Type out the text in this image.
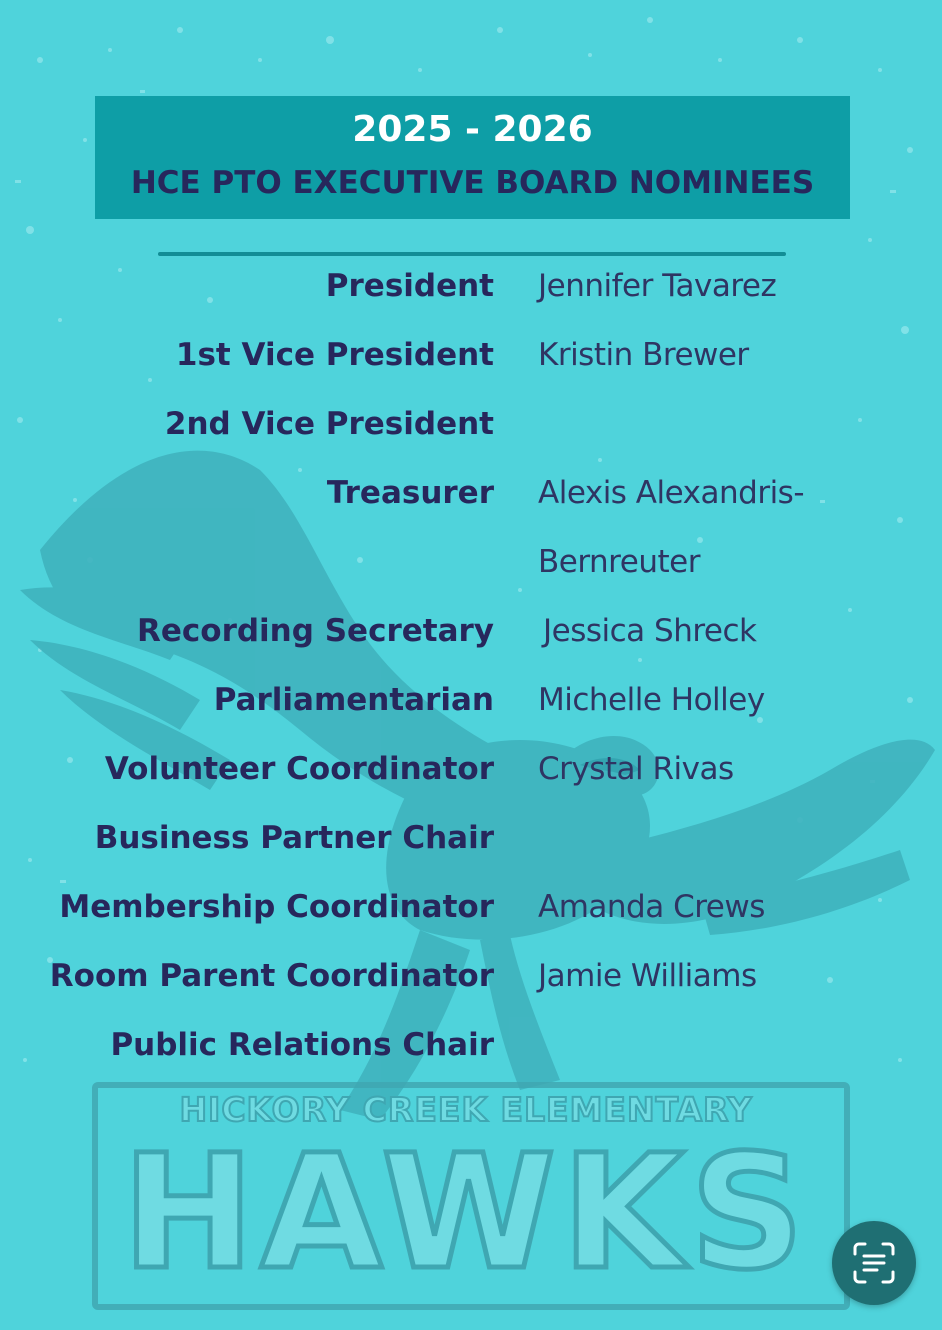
2025 - 2026
HCE PTO EXECUTIVE BOARD NOMINEES
HICKORY CREEK ELEMENTARY
HAWKS
President Jennifer Tavarez
1st Vice President Kristin Brewer
2nd Vice President
Treasurer Alexis Alexandris-
Bernreuter
Recording Secretary Jessica Shreck
Parliamentarian Michelle Holley
Volunteer Coordinator Crystal Rivas
Business Partner Chair
Membership Coordinator Amanda Crews
Room Parent Coordinator Jamie Williams
Public Relations Chair
